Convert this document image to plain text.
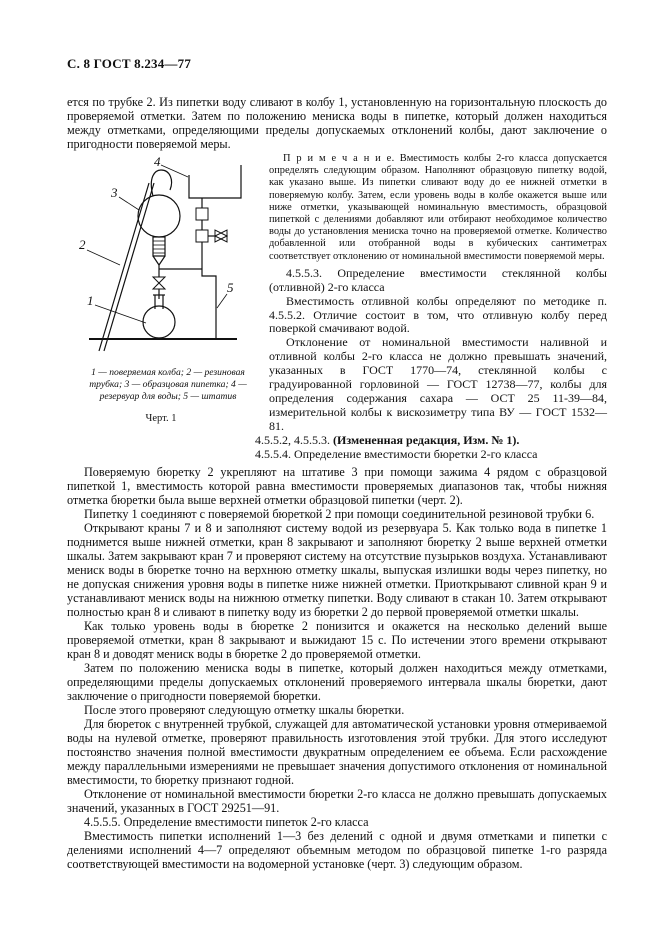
С. 8 ГОСТ 8.234—77

ется по трубке 2. Из пипетки воду сливают в колбу 1, установленную на горизонтальную плоскость до проверяемой отметки. Затем по положению мениска воды в пипетке, который должен находиться между отметками, определяющими пределы допускаемых отклонений колбы, дают заключение о пригодности поверяемой меры.

4
3
2
1
5
1 — поверяемая колба; 2 — резиновая трубка; 3 — образцовая пипетка; 4 — резервуар для воды; 5 — штатив
Черт. 1

П р и м е ч а н и е. Вместимость колбы 2-го класса допускается определять следующим образом. Наполняют образцовую пипетку водой, как указано выше. Из пипетки сливают воду до ее нижней отметки в поверяемую колбу. Затем, если уровень воды в колбе окажется выше или ниже отметки, указывающей номинальную вместимость, образцовой пипеткой с делениями добавляют или отбирают необходимое количество воды до установления мениска точно на проверяемой отметке. Количество добавленной или отобранной воды в кубических сантиметрах соответствует отклонению от номинальной вместимости поверяемой меры.

4.5.5.3. Определение вместимости стеклянной колбы (отливной) 2-го класса

Вместимость отливной колбы определяют по методике п. 4.5.5.2. Отличие состоит в том, что отливную колбу перед поверкой смачивают водой.

Отклонение от номинальной вместимости наливной и отливной колбы 2-го класса не должно превышать значений, указанных в ГОСТ 1770—74, стеклянной колбы с градуированной горловиной — ГОСТ 12738—77, колбы для определения содержания сахара — ОСТ 25 11-39—84, измерительной колбы к вискозиметру типа ВУ — ГОСТ 1532—81.

4.5.5.2, 4.5.5.3. (Измененная редакция, Изм. № 1).

4.5.5.4. Определение вместимости бюретки 2-го класса

Поверяемую бюретку 2 укрепляют на штативе 3 при помощи зажима 4 рядом с образцовой пипеткой 1, вместимость которой равна вместимости проверяемых диапазонов так, чтобы нижняя отметка бюретки была выше верхней отметки образцовой пипетки (черт. 2).

Пипетку 1 соединяют с поверяемой бюреткой 2 при помощи соединительной резиновой трубки 6.

Открывают краны 7 и 8 и заполняют систему водой из резервуара 5. Как только вода в пипетке 1 поднимется выше нижней отметки, кран 8 закрывают и заполняют бюретку 2 выше верхней отметки шкалы. Затем закрывают кран 7 и проверяют систему на отсутствие пузырьков воздуха. Устанавливают мениск воды в бюретке точно на верхнюю отметку шкалы, выпуская излишки воды через пипетку, но не допуская снижения уровня воды в пипетке ниже нижней отметки. Приоткрывают сливной кран 9 и устанавливают мениск воды на нижнюю отметку пипетки. Воду сливают в стакан 10. Затем открывают полностью кран 8 и сливают в пипетку воду из бюретки 2 до первой проверяемой отметки шкалы.

Как только уровень воды в бюретке 2 понизится и окажется на несколько делений выше проверяемой отметки, кран 8 закрывают и выжидают 15 с. По истечении этого времени открывают кран 8 и доводят мениск воды в бюретке 2 до проверяемой отметки.

Затем по положению мениска воды в пипетке, который должен находиться между отметками, определяющими пределы допускаемых отклонений проверяемого интервала шкалы бюретки, дают заключение о пригодности поверяемой бюретки.

После этого проверяют следующую отметку шкалы бюретки.

Для бюреток с внутренней трубкой, служащей для автоматической установки уровня отмериваемой воды на нулевой отметке, проверяют правильность изготовления этой трубки. Для этого исследуют постоянство значения полной вместимости двукратным определением ее объема. Если расхождение между параллельными измерениями не превышает значения допустимого отклонения от номинальной вместимости, то бюретку признают годной.

Отклонение от номинальной вместимости бюретки 2-го класса не должно превышать допускаемых значений, указанных в ГОСТ 29251—91.

4.5.5.5. Определение вместимости пипеток 2-го класса

Вместимость пипетки исполнений 1—3 без делений с одной и двумя отметками и пипетки с делениями исполнений 4—7 определяют объемным методом по образцовой пипетке 1-го разряда соответствующей вместимости на водомерной установке (черт. 3) следующим образом.
